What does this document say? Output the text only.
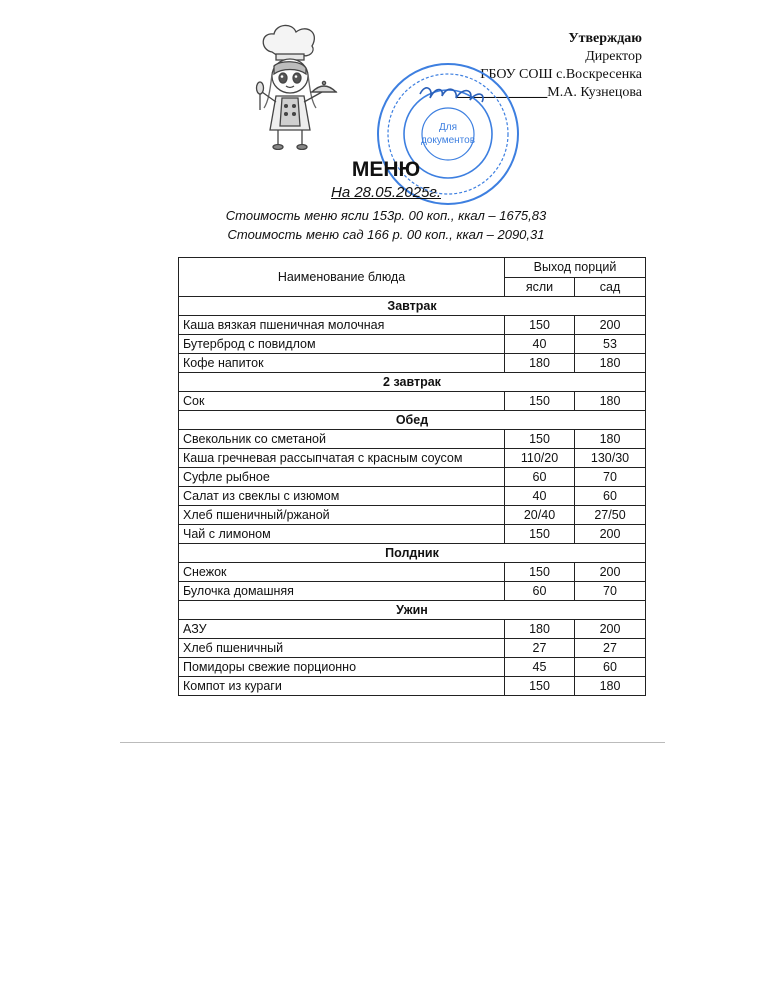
Утверждаю
Директор
ГБОУ СОШ с.Воскресенка
_____________М.А. Кузнецова
Для
документов
МЕНЮ
На 28.05.2025г.
Стоимость меню ясли 153р. 00 коп., ккал – 1675,83
Стоимость меню сад 166 р. 00 коп., ккал – 2090,31
Наименование блюда	Выход порций	
	ясли	сад
Завтрак		
Каша вязкая пшеничная молочная	150	200
Бутерброд с повидлом	40	53
Кофе напиток	180	180
2 завтрак		
Сок	150	180
Обед		
Свекольник со сметаной	150	180
Каша гречневая рассыпчатая с красным соусом	110/20	130/30
Суфле рыбное	60	70
Салат из свеклы с изюмом	40	60
Хлеб пшеничный/ржаной	20/40	27/50
Чай с лимоном	150	200
Полдник		
Снежок	150	200
Булочка домашняя	60	70
Ужин		
АЗУ	180	200
Хлеб пшеничный	27	27
Помидоры свежие порционно	45	60
Компот из кураги	150	180
